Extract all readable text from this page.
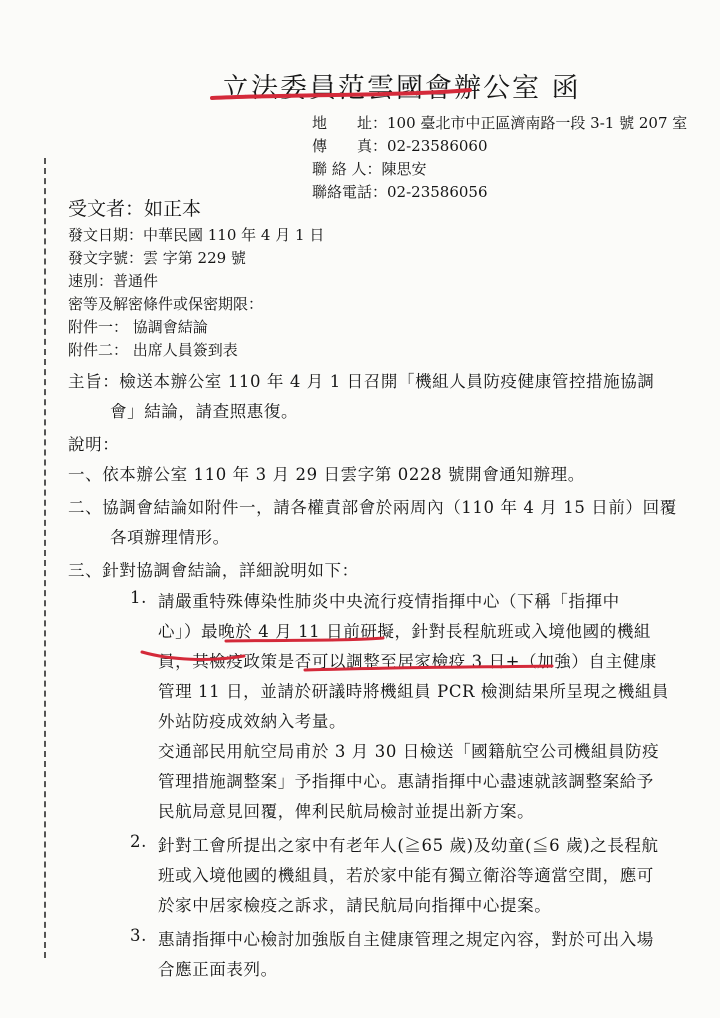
立法委員范雲國會辦公室 函
地　　址：100 臺北市中正區濟南路一段 3-1 號 207 室
傳　　真：02-23586060
聯 絡 人：陳思安
聯絡電話：02-23586056
受文者：如正本
發文日期：中華民國 110 年 4 月 1 日
發文字號：雲 字第 229 號
速別：普通件
密等及解密條件或保密期限：
附件一： 協調會結論
附件二： 出席人員簽到表
主旨：檢送本辦公室 110 年 4 月 1 日召開「機組人員防疫健康管控措施協調
會」結論，請查照惠復。
說明：
一、依本辦公室 110 年 3 月 29 日雲字第 0228 號開會通知辦理。
二、協調會結論如附件一，請各權責部會於兩周內（110 年 4 月 15 日前）回覆
各項辦理情形。
三、針對協調會結論，詳細說明如下：
1. 請嚴重特殊傳染性肺炎中央流行疫情指揮中心（下稱「指揮中
心」）最晚於 4 月 11 日前研擬，針對長程航班或入境他國的機組
員，其檢疫政策是否可以調整至居家檢疫 3 日+（加強）自主健康
管理 11 日，並請於研議時將機組員 PCR 檢測結果所呈現之機組員
外站防疫成效納入考量。
交通部民用航空局甫於 3 月 30 日檢送「國籍航空公司機組員防疫
管理措施調整案」予指揮中心。惠請指揮中心盡速就該調整案給予
民航局意見回覆，俾利民航局檢討並提出新方案。
2. 針對工會所提出之家中有老年人(≧65 歲)及幼童(≦6 歲)之長程航
班或入境他國的機組員，若於家中能有獨立衛浴等適當空間，應可
於家中居家檢疫之訴求，請民航局向指揮中心提案。
3. 惠請指揮中心檢討加強版自主健康管理之規定內容，對於可出入場
合應正面表列。
